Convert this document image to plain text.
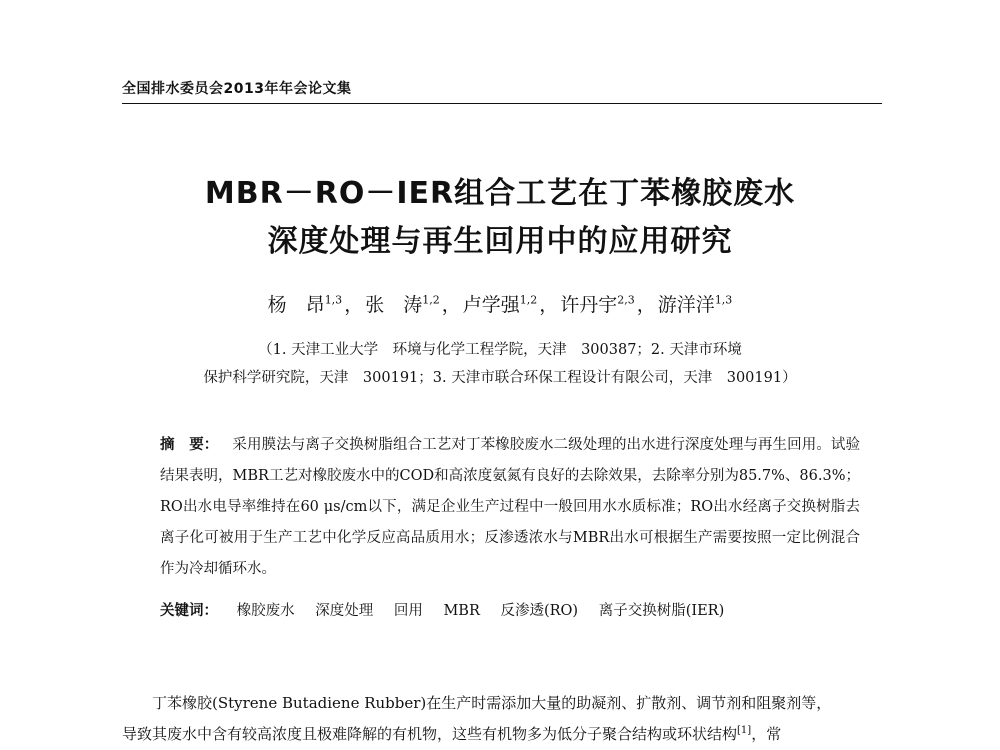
全国排水委员会2013年年会论文集
MBR－RO－IER组合工艺在丁苯橡胶废水
深度处理与再生回用中的应用研究
杨　昂$^{1,3}$ ， 张　涛$^{1,2}$ ， 卢学强$^{1,2}$ ， 许丹宇$^{2,3}$ ， 游洋洋$^{1,3}$
（1. 天津工业大学　环境与化学工程学院，天津　300387；2. 天津市环境
保护科学研究院，天津　300191；3. 天津市联合环保工程设计有限公司，天津　300191）
摘　要： 采用膜法与离子交换树脂组合工艺对丁苯橡胶废水二级处理的出水进行深度处理与再生回用。试验结果表明，MBR工艺对橡胶废水中的COD和高浓度氨氮有良好的去除效果，去除率分别为85.7%、86.3%；RO出水电导率维持在60 μs/cm以下，满足企业生产过程中一般回用水水质标准；RO出水经离子交换树脂去离子化可被用于生产工艺中化学反应高品质用水；反渗透浓水与MBR出水可根据生产需要按照一定比例混合作为冷却循环水。
关键词： 橡胶废水 深度处理 回用 MBR 反渗透(RO) 离子交换树脂(IER)
丁苯橡胶(Styrene Butadiene Rubber)在生产时需添加大量的助凝剂、扩散剂、调节剂和阻聚剂等，
导致其废水中含有较高浓度且极难降解的有机物，这些有机物多为低分子聚合结构或环状结构[1]，常
